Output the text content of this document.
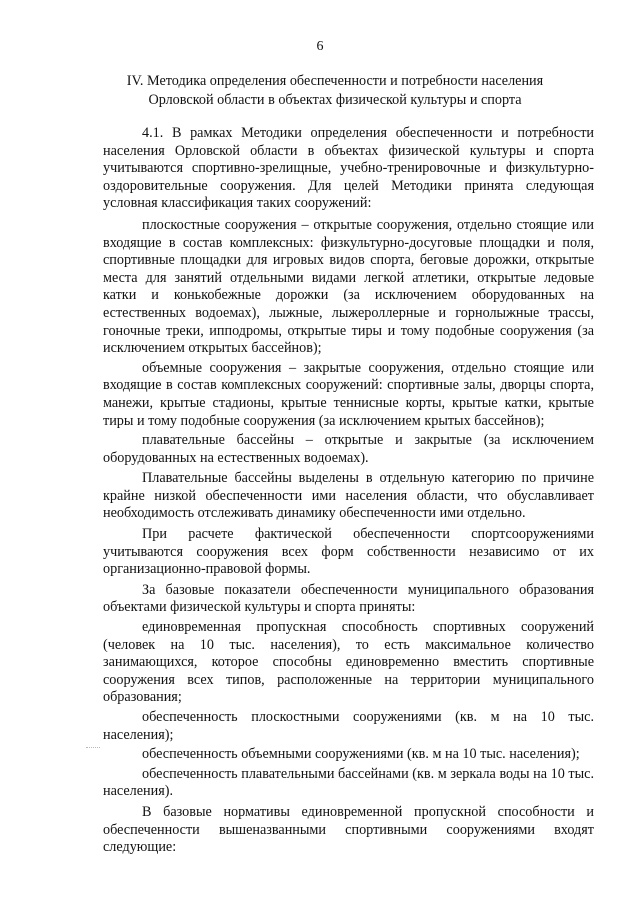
6
IV. Методика определения обеспеченности и потребности населения
Орловской области в объектах физической культуры и спорта

4.1. В рамках Методики определения обеспеченности и потребности населения Орловской области в объектах физической культуры и спорта учитываются спортивно-зрелищные, учебно-тренировочные и физкультурно-оздоровительные сооружения. Для целей Методики принята следующая условная классификация таких сооружений:

плоскостные сооружения – открытые сооружения, отдельно стоящие или входящие в состав комплексных: физкультурно-досуговые площадки и поля, спортивные площадки для игровых видов спорта, беговые дорожки, открытые места для занятий отдельными видами легкой атлетики, открытые ледовые катки и конькобежные дорожки (за исключением оборудованных на естественных водоемах), лыжные, лыжероллерные и горнолыжные трассы, гоночные треки, ипподромы, открытые тиры и тому подобные сооружения (за исключением открытых бассейнов);

объемные сооружения – закрытые сооружения, отдельно стоящие или входящие в состав комплексных сооружений: спортивные залы, дворцы спорта, манежи, крытые стадионы, крытые теннисные корты, крытые катки, крытые тиры и тому подобные сооружения (за исключением крытых бассейнов);

плавательные бассейны – открытые и закрытые (за исключением оборудованных на естественных водоемах).

Плавательные бассейны выделены в отдельную категорию по причине крайне низкой обеспеченности ими населения области, что обуславливает необходимость отслеживать динамику обеспеченности ими отдельно.

При расчете фактической обеспеченности спортсооружениями учитываются сооружения всех форм собственности независимо от их организационно-правовой формы.

За базовые показатели обеспеченности муниципального образования объектами физической культуры и спорта приняты:

единовременная пропускная способность спортивных сооружений (человек на 10 тыс. населения), то есть максимальное количество занимающихся, которое способны единовременно вместить спортивные сооружения всех типов, расположенные на территории муниципального образования;

обеспеченность плоскостными сооружениями (кв. м на 10 тыс. населения);

обеспеченность объемными сооружениями (кв. м на 10 тыс. населения);

обеспеченность плавательными бассейнами (кв. м зеркала воды на 10 тыс. населения).

В базовые нормативы единовременной пропускной способности и обеспеченности вышеназванными спортивными сооружениями входят следующие:
